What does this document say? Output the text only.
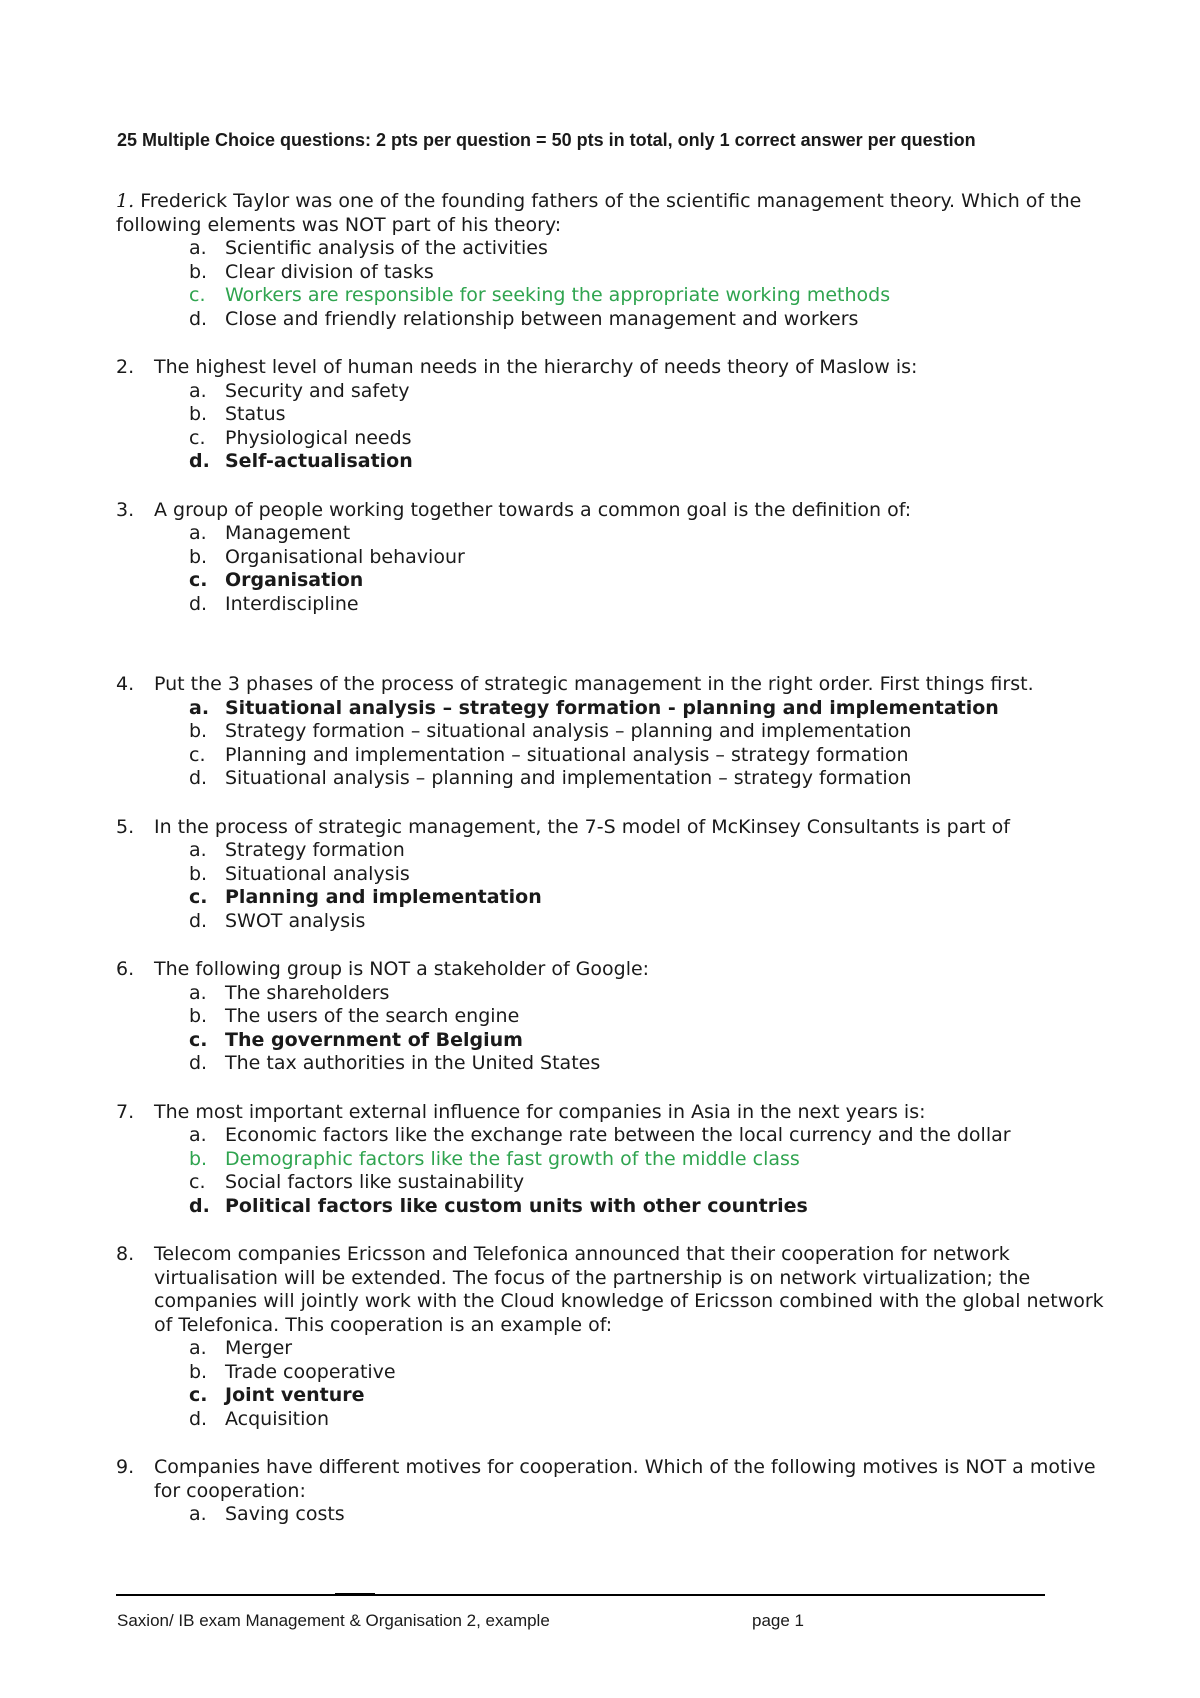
25 Multiple Choice questions: 2 pts per question = 50 pts in total, only 1 correct answer per question
1. Frederick Taylor was one of the founding fathers of the scientific management theory. Which of the following elements was NOT part of his theory:
a. Scientific analysis of the activities
b. Clear division of tasks
c.	Workers are responsible for seeking the appropriate working methods
d. Close and friendly relationship between management and workers
2.	The highest level of human needs in the hierarchy of needs theory of Maslow is:
a. Security and safety
b. Status
c.	Physiological needs
d. Self-actualisation
3.	A group of people working together towards a common goal is the definition of:
a. Management
b. Organisational behaviour
c. Organisation
d. Interdiscipline
4.	Put the 3 phases of the process of strategic management in the right order. First things first.
a. Situational analysis – strategy formation - planning and implementation
b. Strategy formation – situational analysis – planning and implementation
c.	Planning and implementation – situational analysis – strategy formation
d. Situational analysis – planning and implementation – strategy formation
5.	In the process of strategic management, the 7-S model of McKinsey Consultants is part of
a. Strategy formation
b. Situational analysis
c. Planning and implementation
d. SWOT analysis
6.	The following group is NOT a stakeholder of Google:
a. The shareholders
b. The users of the search engine
c. The government of Belgium
d. The tax authorities in the United States
7.	The most important external influence for companies in Asia in the next years is:
a. Economic factors like the exchange rate between the local currency and the dollar
b. Demographic factors like the fast growth of the middle class
c.	Social factors like sustainability
d. Political factors like custom units with other countries
8.	Telecom companies Ericsson and Telefonica announced that their cooperation for network virtualisation will be extended. The focus of the partnership is on network virtualization; the companies will jointly work with the Cloud knowledge of Ericsson combined with the global network of Telefonica. This cooperation is an example of:
a. Merger
b. Trade cooperative
c. Joint venture
d. Acquisition
9.	Companies have different motives for cooperation. Which of the following motives is NOT a motive for cooperation:
a. Saving costs
Saxion/ IB exam Management & Organisation 2, example	page 1
